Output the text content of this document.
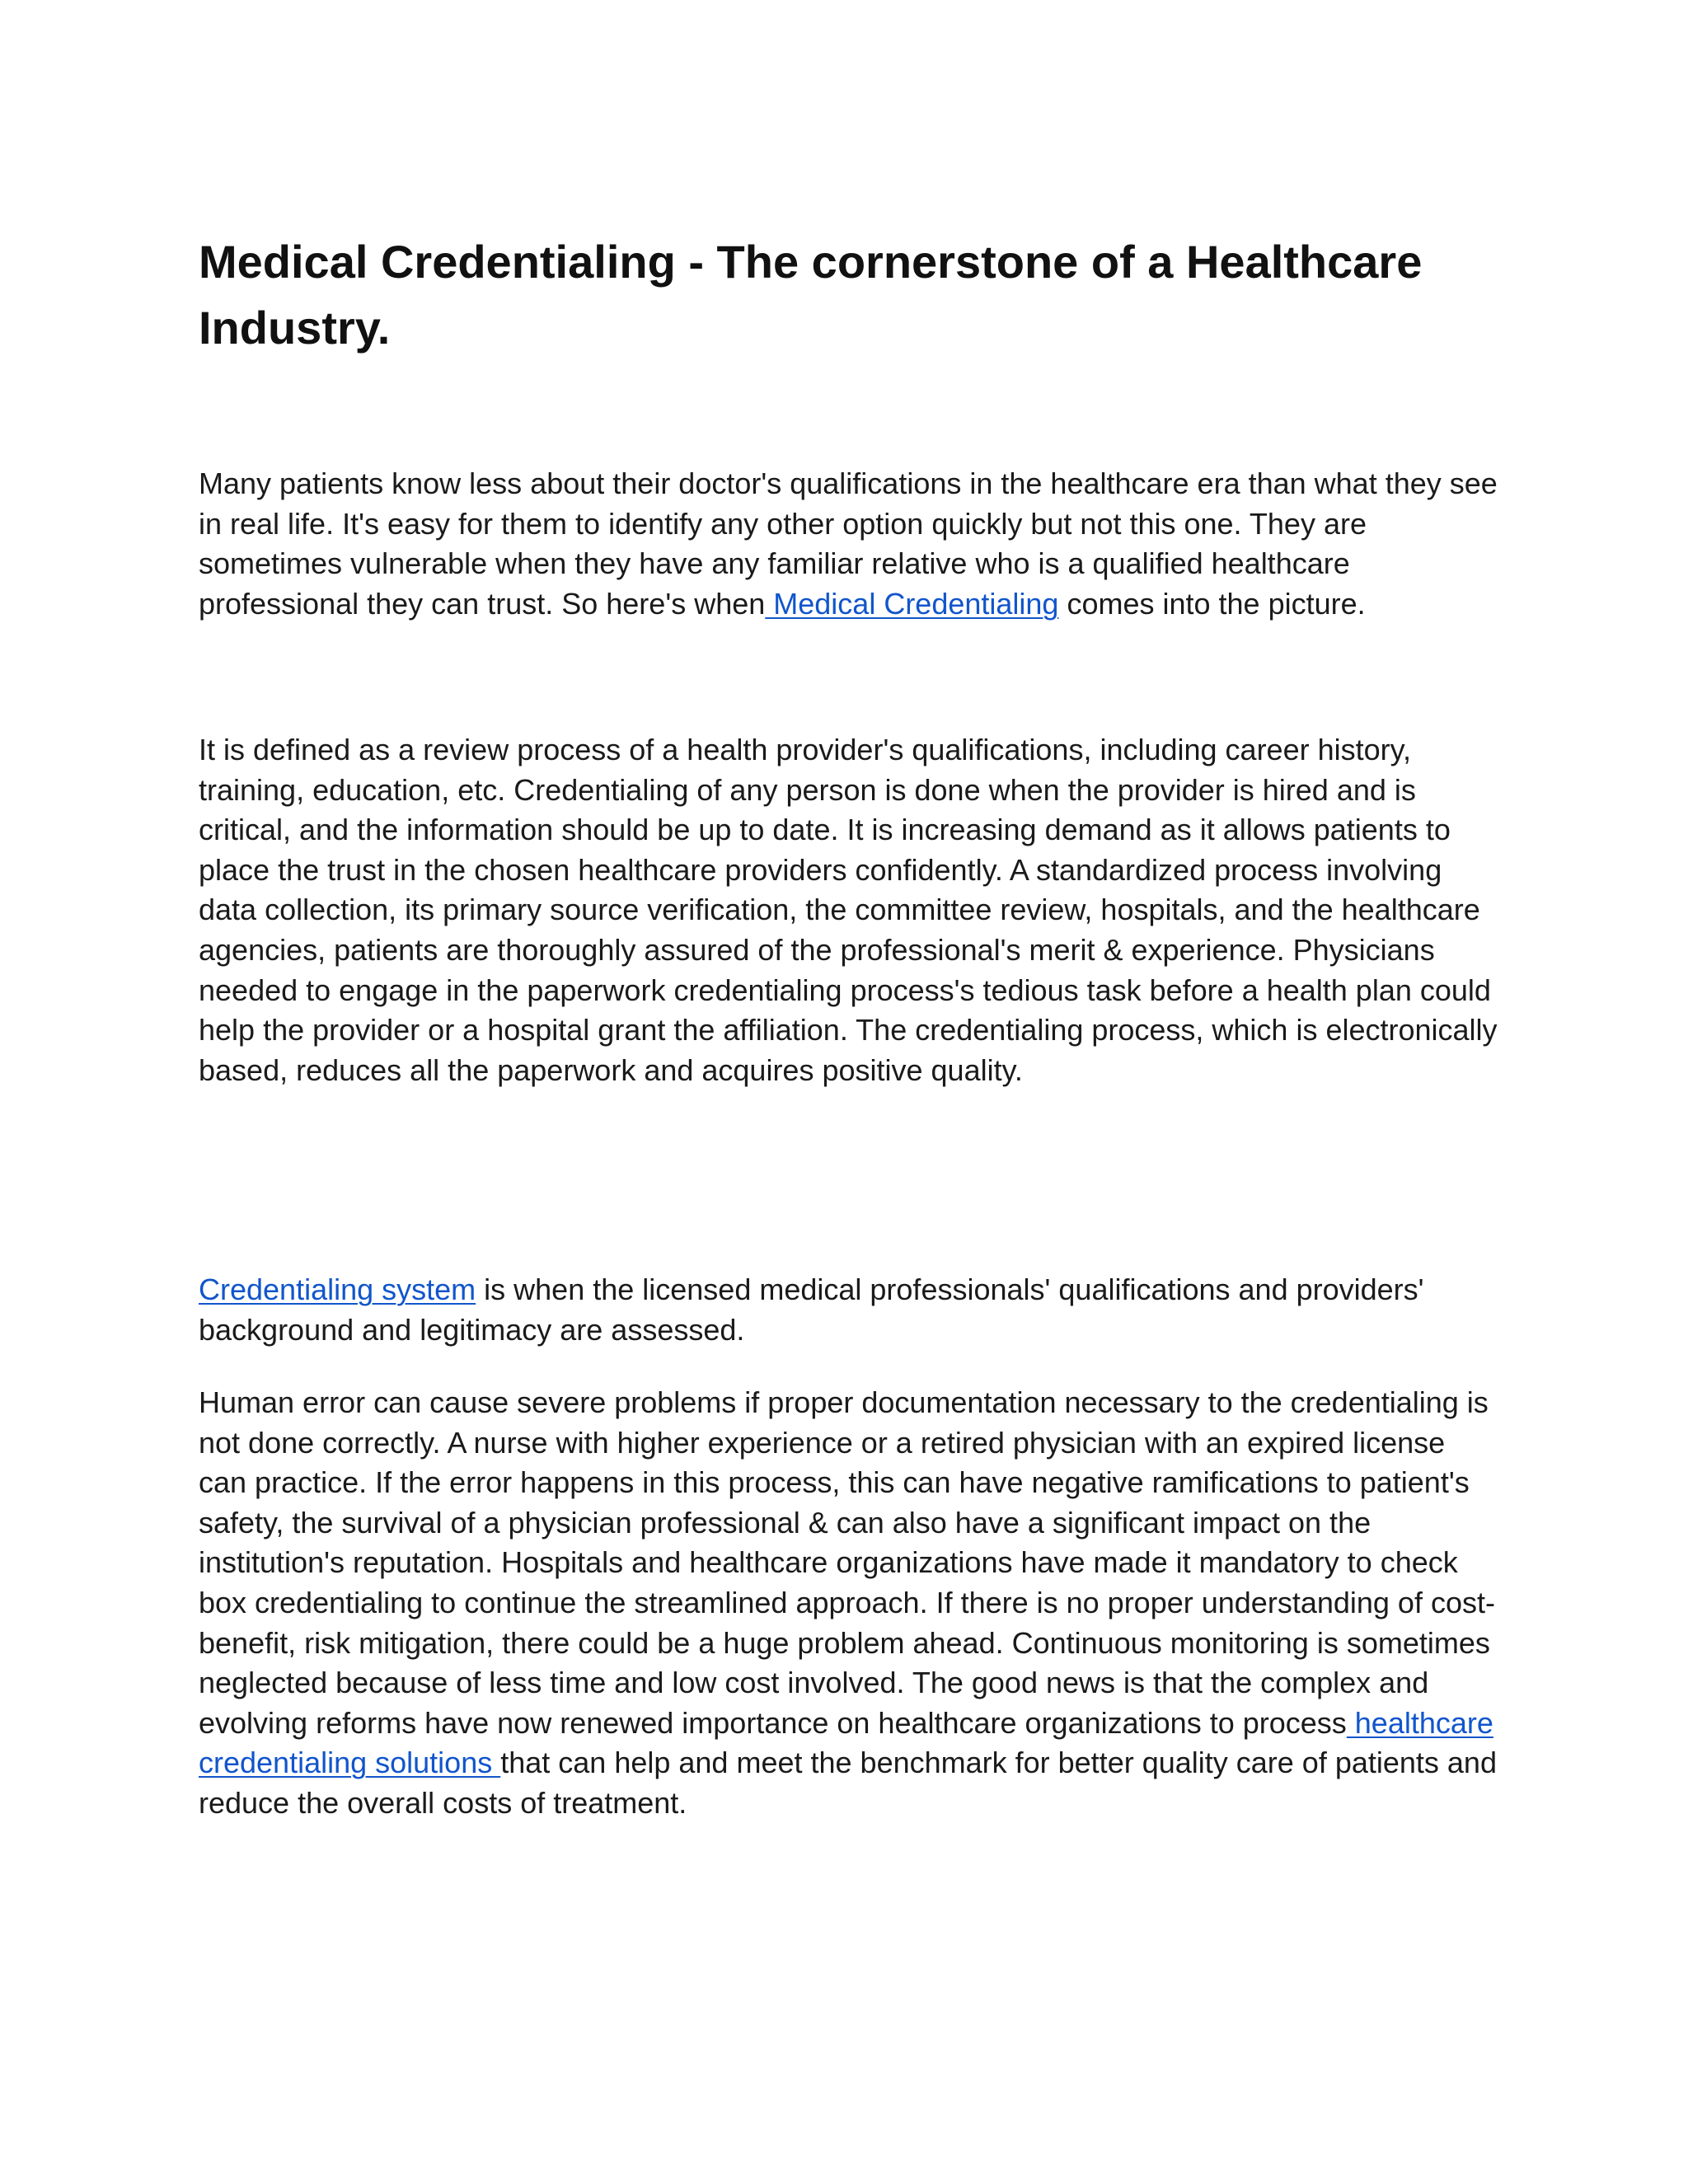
Medical Credentialing - The cornerstone of a Healthcare Industry.

Many patients know less about their doctor's qualifications in the healthcare era than what they see in real life. It's easy for them to identify any other option quickly but not this one. They are sometimes vulnerable when they have any familiar relative who is a qualified healthcare professional they can trust. So here's when Medical Credentialing comes into the picture.

It is defined as a review process of a health provider's qualifications, including career history, training, education, etc. Credentialing of any person is done when the provider is hired and is critical, and the information should be up to date. It is increasing demand as it allows patients to place the trust in the chosen healthcare providers confidently. A standardized process involving data collection, its primary source verification, the committee review, hospitals, and the healthcare agencies, patients are thoroughly assured of the professional's merit & experience. Physicians needed to engage in the paperwork credentialing process's tedious task before a health plan could help the provider or a hospital grant the affiliation. The credentialing process, which is electronically based, reduces all the paperwork and acquires positive quality.

Credentialing system is when the licensed medical professionals' qualifications and providers' background and legitimacy are assessed.

Human error can cause severe problems if proper documentation necessary to the credentialing is not done correctly. A nurse with higher experience or a retired physician with an expired license can practice. If the error happens in this process, this can have negative ramifications to patient's safety, the survival of a physician professional & can also have a significant impact on the institution's reputation. Hospitals and healthcare organizations have made it mandatory to check box credentialing to continue the streamlined approach. If there is no proper understanding of cost-benefit, risk mitigation, there could be a huge problem ahead. Continuous monitoring is sometimes neglected because of less time and low cost involved. The good news is that the complex and evolving reforms have now renewed importance on healthcare organizations to process healthcare credentialing solutions that can help and meet the benchmark for better quality care of patients and reduce the overall costs of treatment.
